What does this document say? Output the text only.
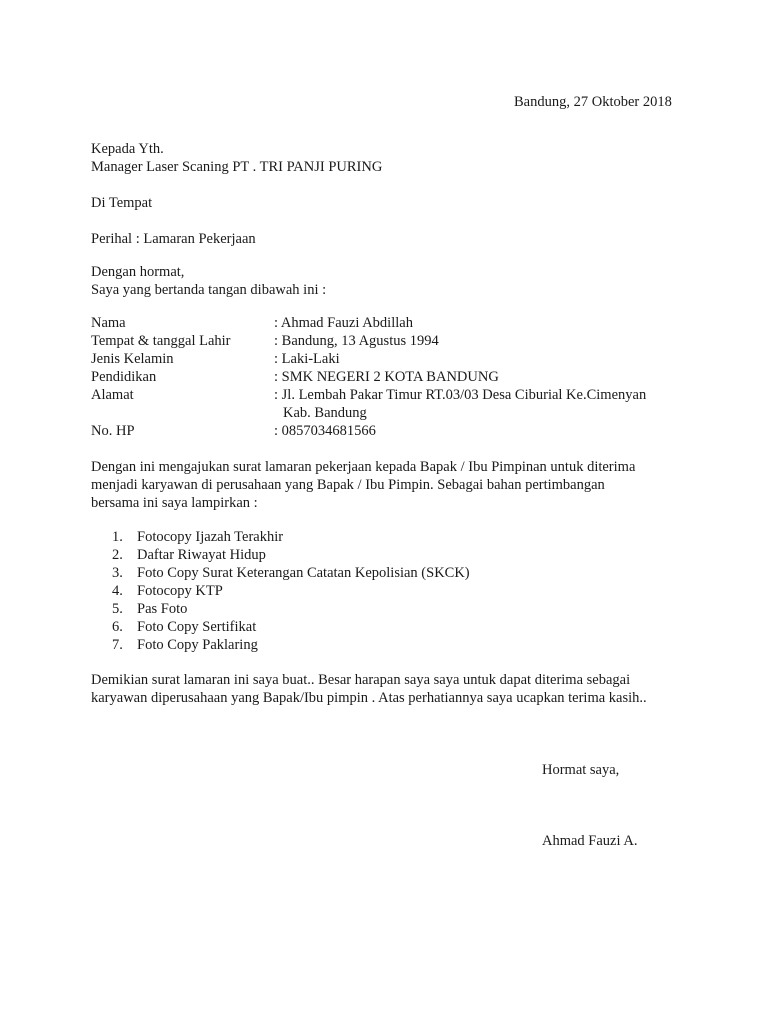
Bandung, 27 Oktober 2018
Kepada Yth.
Manager Laser Scaning PT . TRI PANJI PURING
Di Tempat
Perihal : Lamaran Pekerjaan
Dengan hormat,
Saya yang bertanda tangan dibawah ini :
Nama	: Ahmad Fauzi Abdillah
Tempat & tanggal Lahir	: Bandung, 13 Agustus 1994
Jenis Kelamin	: Laki-Laki
Pendidikan	: SMK NEGERI 2 KOTA BANDUNG
Alamat	: Jl. Lembah Pakar Timur RT.03/03 Desa Ciburial Ke.Cimenyan
Kab. Bandung
No. HP	: 0857034681566
Dengan ini mengajukan surat lamaran pekerjaan kepada Bapak / Ibu Pimpinan untuk diterima
menjadi karyawan di perusahaan yang Bapak / Ibu Pimpin. Sebagai bahan pertimbangan
bersama ini saya lampirkan :
1. Fotocopy Ijazah Terakhir
2. Daftar Riwayat Hidup
3. Foto Copy Surat Keterangan Catatan Kepolisian (SKCK)
4. Fotocopy KTP
5. Pas Foto
6. Foto Copy Sertifikat
7. Foto Copy Paklaring
Demikian surat lamaran ini saya buat.. Besar harapan saya saya untuk dapat diterima sebagai
karyawan diperusahaan yang Bapak/Ibu pimpin . Atas perhatiannya saya ucapkan terima kasih..
Hormat saya,
Ahmad Fauzi A.
